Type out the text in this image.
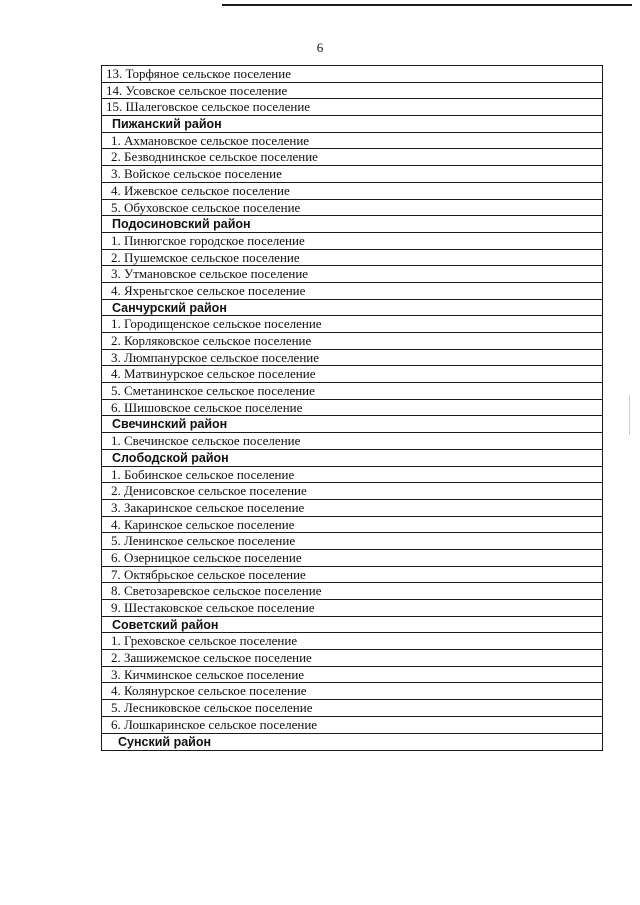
6
13. Торфяное сельское поселение
14. Усовское сельское поселение
15. Шалеговское сельское поселение
Пижанский район
1. Ахмановское сельское поселение
2. Безводнинское сельское поселение
3. Войское сельское поселение
4. Ижевское сельское поселение
5. Обуховское сельское поселение
Подосиновский район
1. Пинюгское городское поселение
2. Пушемское сельское поселение
3. Утмановское сельское поселение
4. Яхреньгское сельское поселение
Санчурский район
1. Городищенское сельское поселение
2. Корляковское сельское поселение
3. Люмпанурское сельское поселение
4. Матвинурское сельское поселение
5. Сметанинское сельское поселение
6. Шишовское сельское поселение
Свечинский район
1. Свечинское сельское поселение
Слободской район
1. Бобинское сельское поселение
2. Денисовское сельское поселение
3. Закаринское сельское поселение
4. Каринское сельское поселение
5. Ленинское сельское поселение
6. Озерницкое сельское поселение
7. Октябрьское сельское поселение
8. Светозаревское сельское поселение
9. Шестаковское сельское поселение
Советский район
1. Греховское сельское поселение
2. Зашижемское сельское поселение
3. Кичминское сельское поселение
4. Колянурское сельское поселение
5. Лесниковское сельское поселение
6. Лошкаринское сельское поселение
Сунский район
